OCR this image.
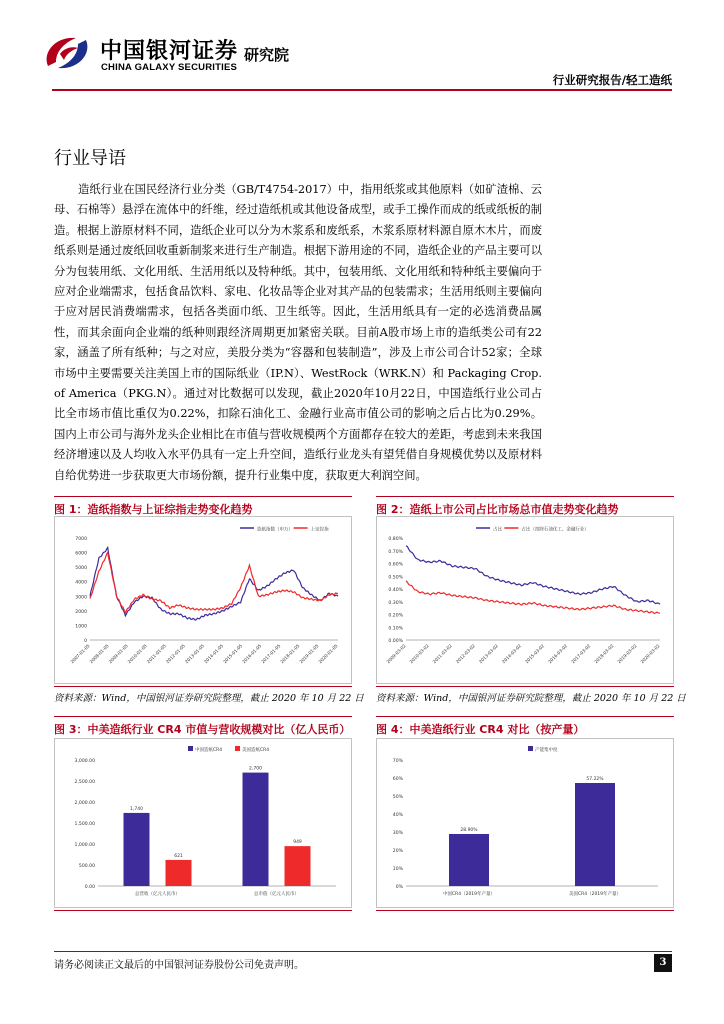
中国银河证券
CHINA GALAXY SECURITIES
研究院
行业研究报告/轻工造纸
行业导语
造纸行业在国民经济行业分类（GB/T4754-2017）中，指用纸浆或其他原料（如矿渣棉、云母、石棉等）悬浮在流体中的纤维，经过造纸机或其他设备成型，或手工操作而成的纸或纸板的制造。根据上游原材料不同，造纸企业可以分为木浆系和废纸系，木浆系原材料源自原木木片，而废纸系则是通过废纸回收重新制浆来进行生产制造。根据下游用途的不同，造纸企业的产品主要可以分为包装用纸、文化用纸、生活用纸以及特种纸。其中，包装用纸、文化用纸和特种纸主要偏向于应对企业端需求，包括食品饮料、家电、化妆品等企业对其产品的包装需求；生活用纸则主要偏向于应对居民消费端需求，包括各类面巾纸、卫生纸等。因此，生活用纸具有一定的必选消费品属性，而其余面向企业端的纸种则跟经济周期更加紧密关联。目前A股市场上市的造纸类公司有22家，涵盖了所有纸种；与之对应，美股分类为“容器和包装制造”，涉及上市公司合计52家；全球市场中主要需要关注美国上市的国际纸业（IP.N）、WestRock（WRK.N）和 Packaging Crop. of America（PKG.N）。通过对比数据可以发现，截止2020年10月22日，中国造纸行业公司占比全市场市值比重仅为0.22%，扣除石油化工、金融行业高市值公司的影响之后占比为0.29%。国内上市公司与海外龙头企业相比在市值与营收规模两个方面都存在较大的差距，考虑到未来我国经济增速以及人均收入水平仍具有一定上升空间，造纸行业龙头有望凭借自身规模优势以及原材料自给优势进一步获取更大市场份额，提升行业集中度，获取更大利润空间。
图 1：造纸指数与上证综指走势变化趋势	图 2：造纸上市公司占比市场总市值走势变化趋势
造纸指数（申万）	上证综指
0
1000
2000
3000
4000
5000
6000
7000
2007-01-05
2008-01-05
2009-01-05
2010-01-05
2011-01-05
2012-01-05
2013-01-05
2014-01-05
2015-01-05
2016-01-05
2017-01-05
2018-01-05
2019-01-05
2020-01-05
占比	占比（扣除石油化工、金融行业）
0.00%
0.10%
0.20%
0.30%
0.40%
0.50%
0.60%
0.70%
0.80%
2009-03-02 2010-03-02 2011-03-02 2012-03-02 2013-03-02 2014-03-02 2015-03-02 2016-03-02 2017-03-02 2018-03-02 2019-03-02 2020-03-02
资料来源：Wind，中国银河证券研究院整理，截止 2020 年 10 月 22 日 资料来源：Wind，中国银河证券研究院整理，截止 2020 年 10 月 22 日
图 3：中美造纸行业 CR4 市值与营收规模对比（亿人民币） 图 4：中美造纸行业 CR4 对比（按产量）
中国造纸CR4	美国造纸CR4
0.00
500.00
1,000.00
1,500.00
2,000.00
2,500.00
3,000.00
总营收（亿元人民币）
1,740
621
总市值（亿元人民币）
2,700
949
产能集中度
0%
10%
20%
30%
40%
50%
60%
70%
中国CR4（2019年产量）
28.90%
美国CR4（2019年产量）
57.22%
请务必阅读正文最后的中国银河证券股份公司免责声明。	3
